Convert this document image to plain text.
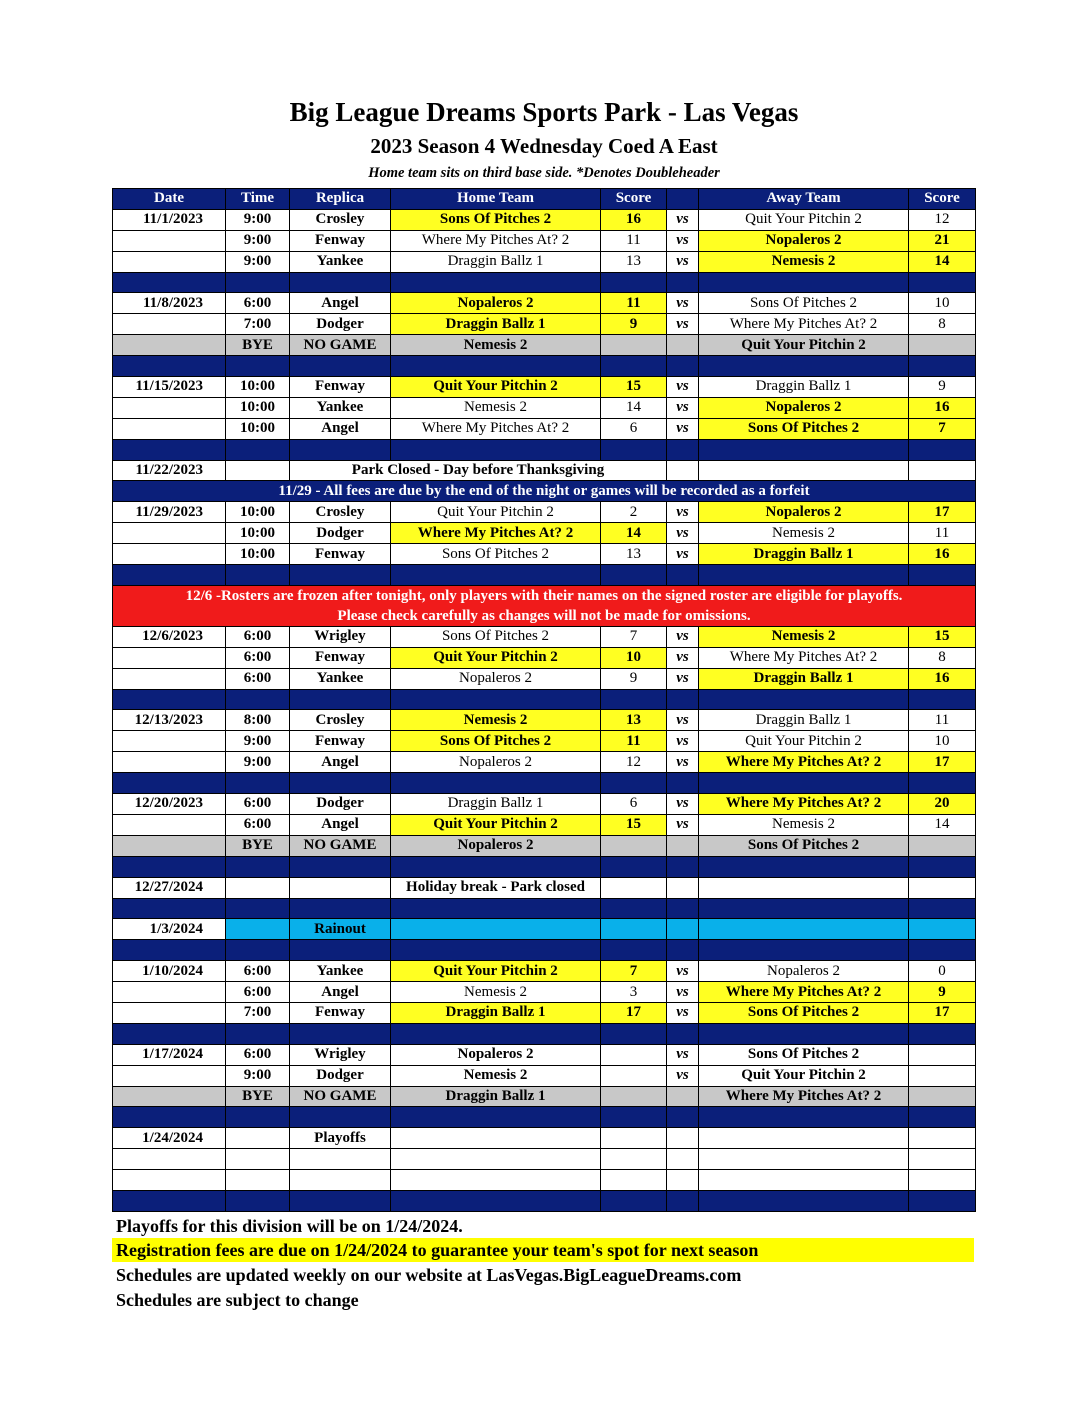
Big League Dreams Sports Park - Las Vegas
2023 Season 4 Wednesday Coed A East
Home team sits on third base side. *Denotes Doubleheader
Date	Time	Replica	Home Team	Score		Away Team	Score
11/1/2023	9:00	Crosley	Sons Of Pitches 2	16	vs	Quit Your Pitchin 2	12
	9:00	Fenway	Where My Pitches At? 2	11	vs	Nopaleros 2	21
	9:00	Yankee	Draggin Ballz 1	13	vs	Nemesis 2	14

11/8/2023	6:00	Angel	Nopaleros 2	11	vs	Sons Of Pitches 2	10
	7:00	Dodger	Draggin Ballz 1	9	vs	Where My Pitches At? 2	8
	BYE	NO GAME	Nemesis 2			Quit Your Pitchin 2	

11/15/2023	10:00	Fenway	Quit Your Pitchin 2	15	vs	Draggin Ballz 1	9
	10:00	Yankee	Nemesis 2	14	vs	Nopaleros 2	16
	10:00	Angel	Where My Pitches At? 2	6	vs	Sons Of Pitches 2	7

11/22/2023		Park Closed - Day before Thanksgiving					
11/29 - All fees are due by the end of the night or games will be recorded as a forfeit							
11/29/2023	10:00	Crosley	Quit Your Pitchin 2	2	vs	Nopaleros 2	17
	10:00	Dodger	Where My Pitches At? 2	14	vs	Nemesis 2	11
	10:00	Fenway	Sons Of Pitches 2	13	vs	Draggin Ballz 1	16

12/6 -Rosters are frozen after tonight, only players with their names on the signed roster are eligible for playoffs.
Please check carefully as changes will not be made for omissions.							

12/6/2023	6:00	Wrigley	Sons Of Pitches 2	7	vs	Nemesis 2	15
	6:00	Fenway	Quit Your Pitchin 2	10	vs	Where My Pitches At? 2	8
	6:00	Yankee	Nopaleros 2	9	vs	Draggin Ballz 1	16

12/13/2023	8:00	Crosley	Nemesis 2	13	vs	Draggin Ballz 1	11
	9:00	Fenway	Sons Of Pitches 2	11	vs	Quit Your Pitchin 2	10
	9:00	Angel	Nopaleros 2	12	vs	Where My Pitches At? 2	17

12/20/2023	6:00	Dodger	Draggin Ballz 1	6	vs	Where My Pitches At? 2	20
	6:00	Angel	Quit Your Pitchin 2	15	vs	Nemesis 2	14
	BYE	NO GAME	Nopaleros 2			Sons Of Pitches 2	

12/27/2024			Holiday break - Park closed				

1/3/2024		Rainout					

1/10/2024	6:00	Yankee	Quit Your Pitchin 2	7	vs	Nopaleros 2	0
	6:00	Angel	Nemesis 2	3	vs	Where My Pitches At? 2	9
	7:00	Fenway	Draggin Ballz 1	17	vs	Sons Of Pitches 2	17

1/17/2024	6:00	Wrigley	Nopaleros 2		vs	Sons Of Pitches 2	
	9:00	Dodger	Nemesis 2		vs	Quit Your Pitchin 2	
	BYE	NO GAME	Draggin Ballz 1			Where My Pitches At? 2	

1/24/2024		Playoffs					

Playoffs for this division will be on 1/24/2024.
Registration fees are due on 1/24/2024 to guarantee your team's spot for next season
Schedules are updated weekly on our website at LasVegas.BigLeagueDreams.com
Schedules are subject to change
